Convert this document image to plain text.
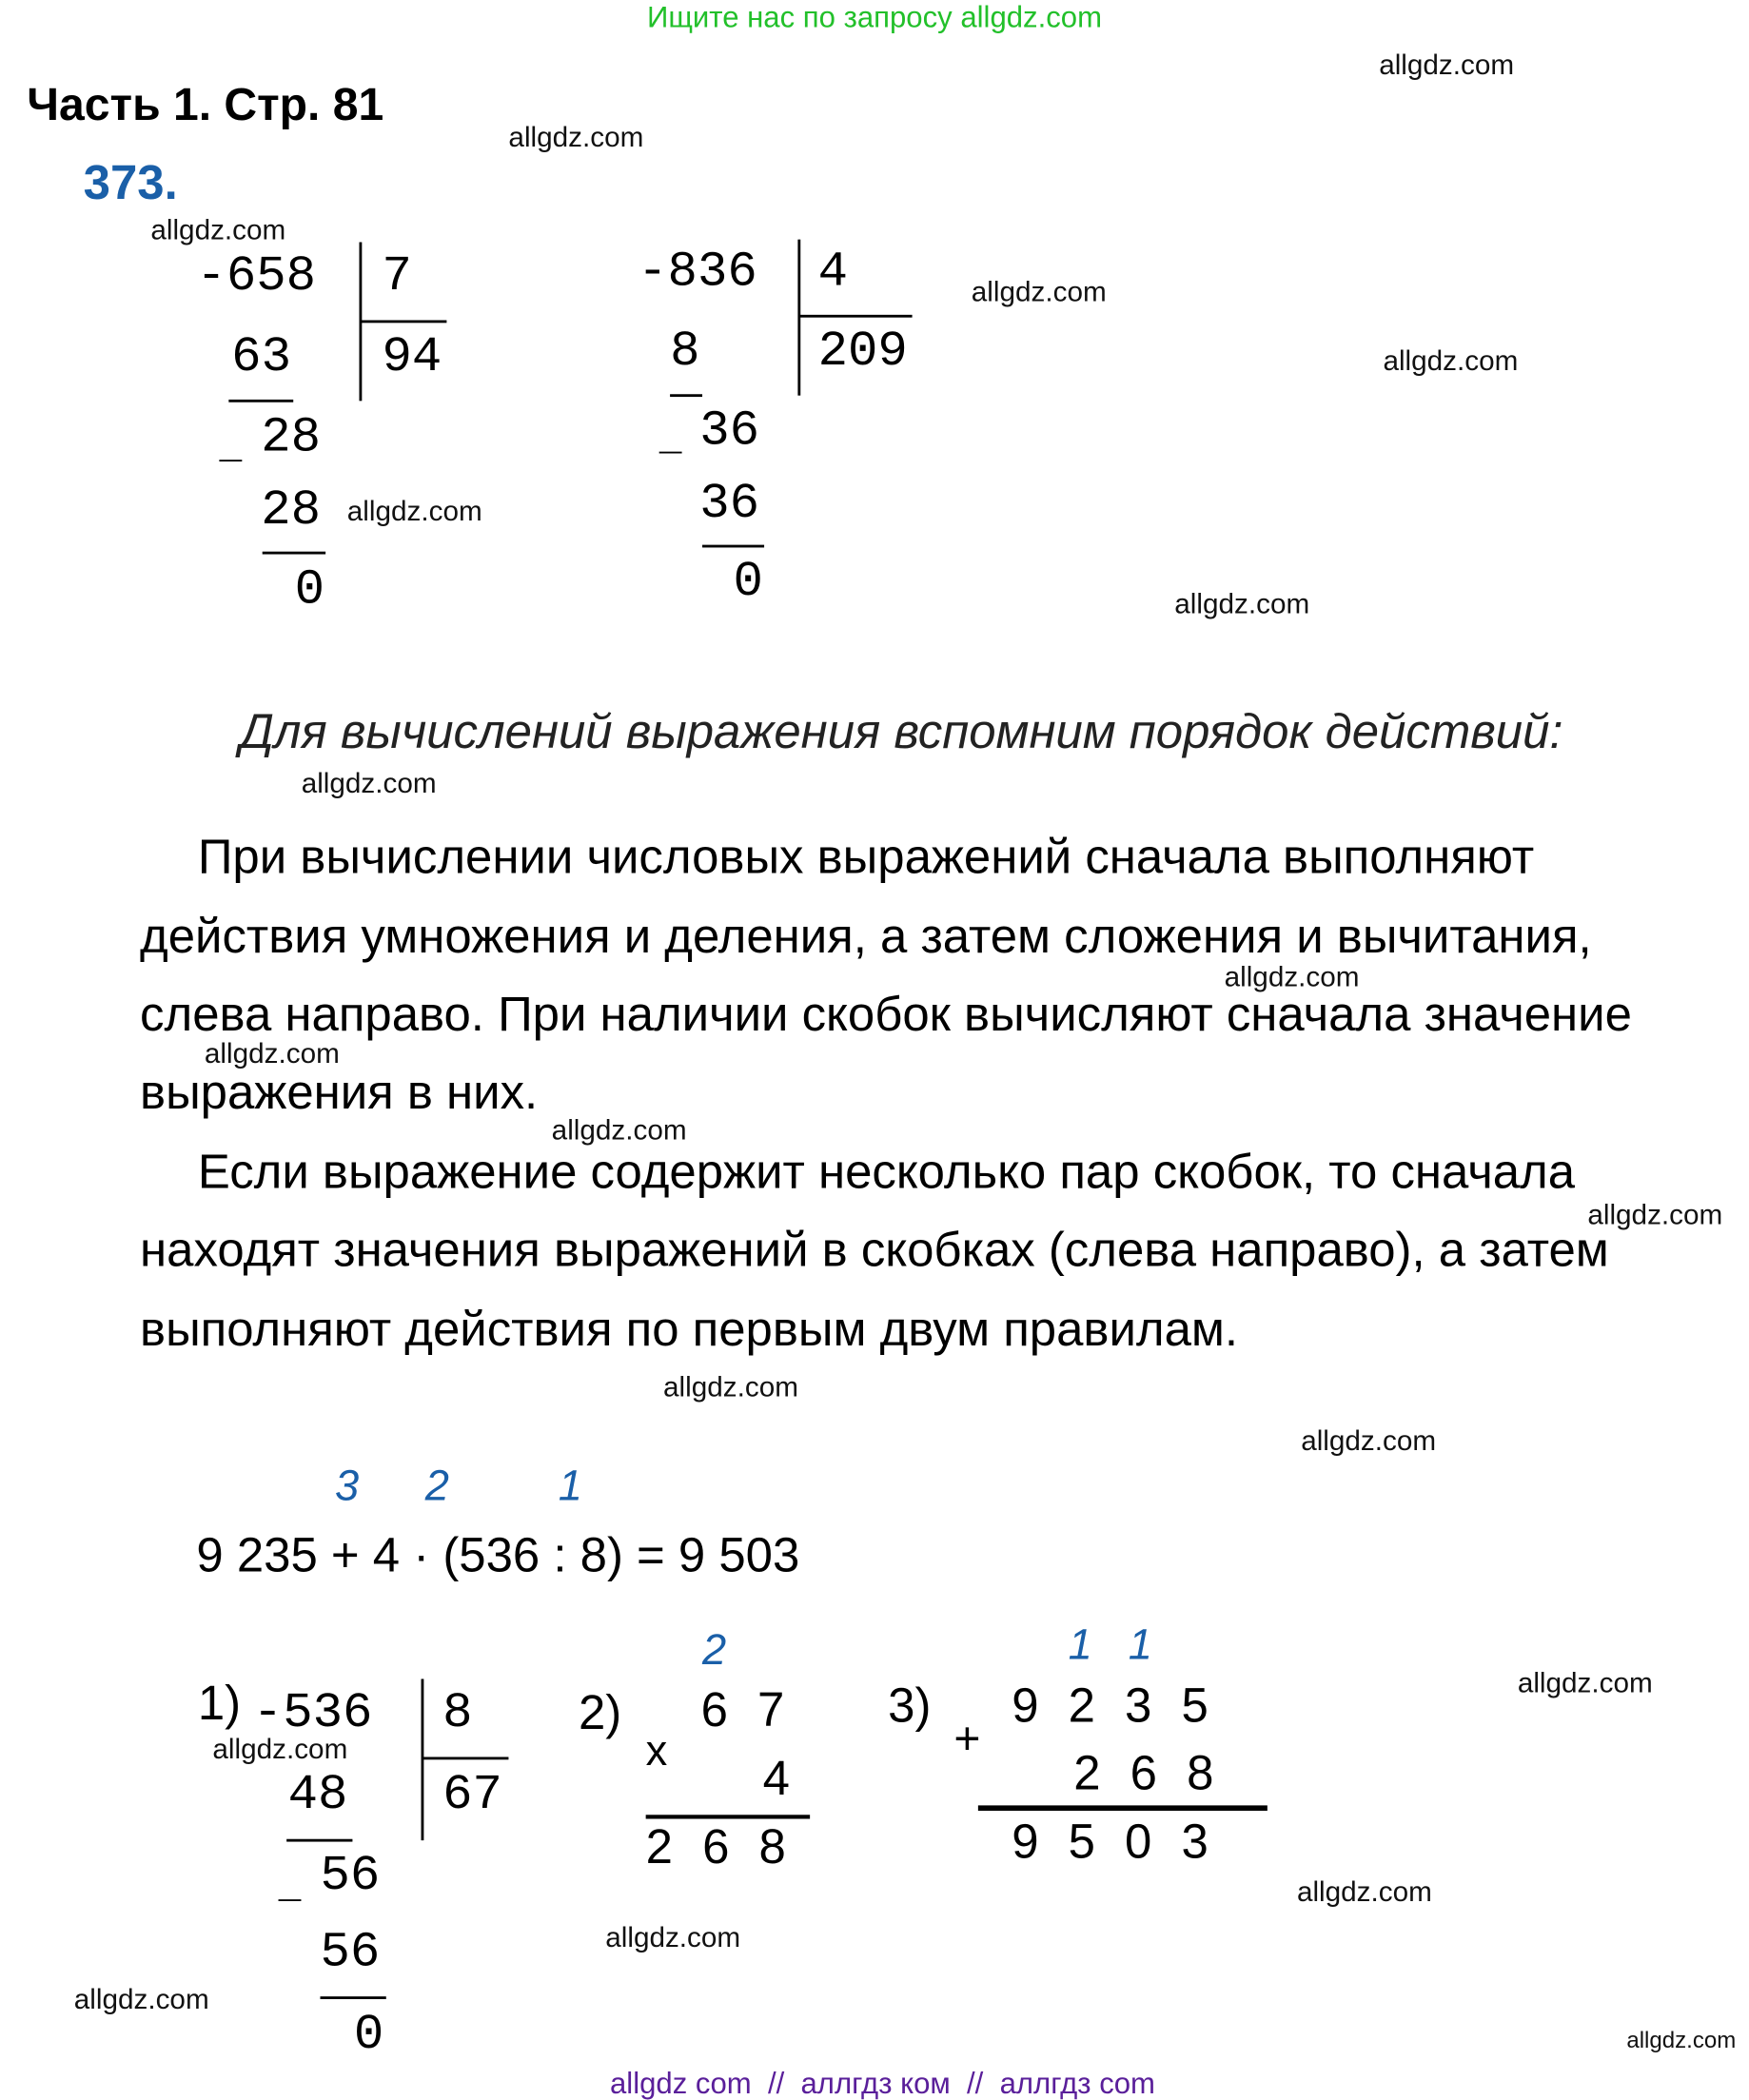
Ищите нас по запросу allgdz.com
Часть 1. Стр. 81
373.
allgdz.com
allgdz.com
allgdz.com
allgdz.com
allgdz.com
allgdz.com
allgdz.com
allgdz.com
allgdz.com
allgdz.com
allgdz.com
allgdz.com
allgdz.com
allgdz.com
allgdz.com
allgdz.com
allgdz.com
allgdz.com
allgdz.com
allgdz.com
-658 7
63	94
28
_
28
0
-836 4
8	209
36
_
36
0
Для вычислений выражения вспомним порядок действий:
При вычислении числовых выражений сначала выполняют
действия умножения и деления, а затем сложения и вычитания,
слева направо. При наличии скобок вычисляют сначала значение
выражения в них.
Если выражение содержит несколько пар скобок, то сначала
находят значения выражений в скобках (слева направо), а затем
выполняют действия по первым двум правилам.
3 2	1
9 235 + 4 · (536 : 8) = 9 503
1) -536 8
48	67
56
_
56
0
2)
2
6 7
x
4
2 6 8
3)
1 1
9 2 3 5
+
2 6 8
9 5 0 3
allgdz com  //  аллгдз ком  //  аллгдз com
